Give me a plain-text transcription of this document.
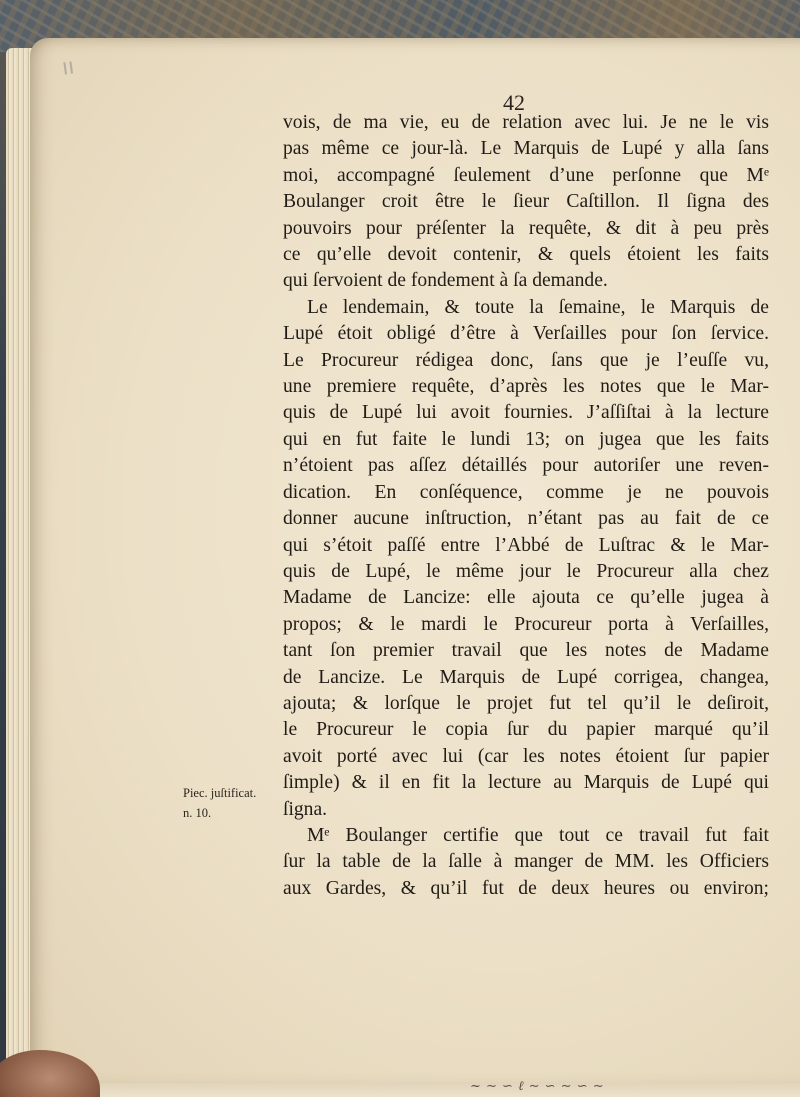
ıı
42
vois, de ma vie, eu de relation avec lui. Je ne le vis
pas même ce jour-là. Le Marquis de Lupé y alla ſans
moi, accompagné ſeulement d’une perſonne que Mᵉ
Boulanger croit être le ſieur Caſtillon. Il ſigna des
pouvoirs pour préſenter la requête, & dit à peu près
ce qu’elle devoit contenir, & quels étoient les faits
qui ſervoient de fondement à ſa demande.
Le lendemain, & toute la ſemaine, le Marquis de
Lupé étoit obligé d’être à Verſailles pour ſon ſervice.
Le Procureur rédigea donc, ſans que je l’euſſe vu,
une premiere requête, d’après les notes que le Mar-
quis de Lupé lui avoit fournies. J’aſſiſtai à la lecture
qui en fut faite le lundi 13; on jugea que les faits
n’étoient pas aſſez détaillés pour autoriſer une reven-
dication. En conſéquence, comme je ne pouvois
donner aucune inſtruction, n’étant pas au fait de ce
qui s’étoit paſſé entre l’Abbé de Luſtrac & le Mar-
quis de Lupé, le même jour le Procureur alla chez
Madame de Lancize: elle ajouta ce qu’elle jugea à
propos; & le mardi le Procureur porta à Verſailles,
tant ſon premier travail que les notes de Madame
de Lancize. Le Marquis de Lupé corrigea, changea,
ajouta; & lorſque le projet fut tel qu’il le deſiroit,
le Procureur le copia ſur du papier marqué qu’il
avoit porté avec lui (car les notes étoient ſur papier
ſimple) & il en fit la lecture au Marquis de Lupé qui
ſigna.
Mᵉ Boulanger certifie que tout ce travail fut fait
ſur la table de la ſalle à manger de MM. les Officiers
aux Gardes, & qu’il fut de deux heures ou environ;
Piec. juſtificat.
n. 10.
~ ∼ ∽ ℓ ∼ ∽ ∼ ∽ ∼
